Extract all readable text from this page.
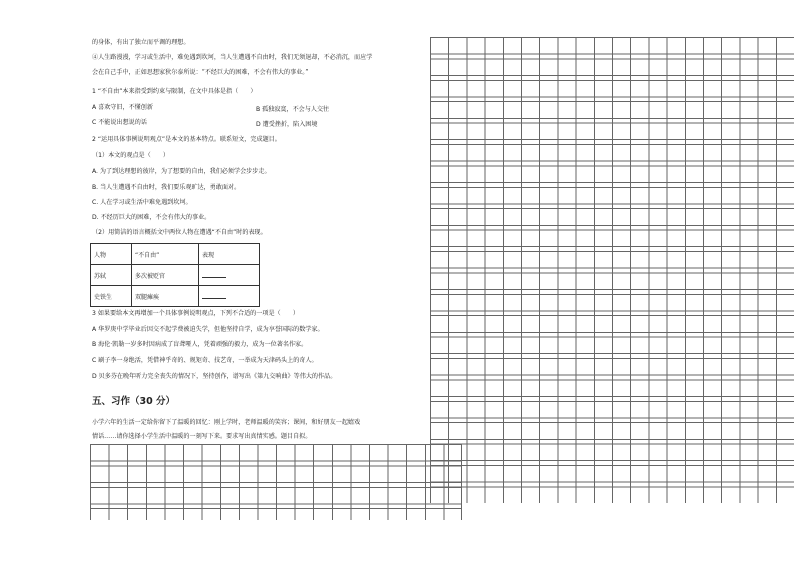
的身体，有出了独立而平调的理想。
④人生路漫漫，学习或生活中，难免遇到坎坷，当人生遭遇不自由时，我们无须退却，不必消沉，而应学
会在自己手中，正如思想家狄尔泰所说：“不经巨大的困难，不会有伟大的事业。”
1 “不自由”本来指受到约束与限制，在文中具体是指（　　）
A 喜欢守旧，不懂创新	B 孤独寂寞，不会与人交往
C 不能说出想说的话	D 遭受挫折，陷入困境
2 “运用具体事例说明观点”是本文的基本特点。联系短文，完成题目。
（1）本文的观点是（　　）
A. 为了到达理想的彼岸，为了想要的自由，我们必须学会步步走。
B. 当人生遭遇不自由时，我们要乐观旷达，勇敢面对。
C. 人在学习或生活中难免遇到坎坷。
D. 不经历巨大的困难，不会有伟大的事业。
（2）用简洁的语言概括文中两位人物在遭遇“不自由”时的表现。
人物	“不自由”	表现
苏轼	多次被贬官	
史铁生	双腿瘫痪	
3 如果要给本文再增加一个具体事例说明观点，下列不合适的一项是（　　）
A 华罗庚中学毕业后因交不起学费被迫失学，但他坚持自学，成为享誉国际的数学家。
B 海伦·凯勒一岁多时因病成了盲聋哑人，凭着顽强的毅力，成为一位著名作家。
C 刷子李一身绝活，凭借神乎奇的、规矩奇、技艺奇，一举成为天津码头上的奇人。
D 贝多芬在晚年听力完全丧失的情况下，坚持创作，谱写出《第九交响曲》等伟大的作品。
五、习作（30 分）
小学六年的生活一定给你留下了温暖的回忆：刚上学时，老师温暖的笑容；课间，和好朋友一起嬉戏
情话……请你选择小学生活中温暖的一刻写下来。要求写出真情实感。题目自拟。
